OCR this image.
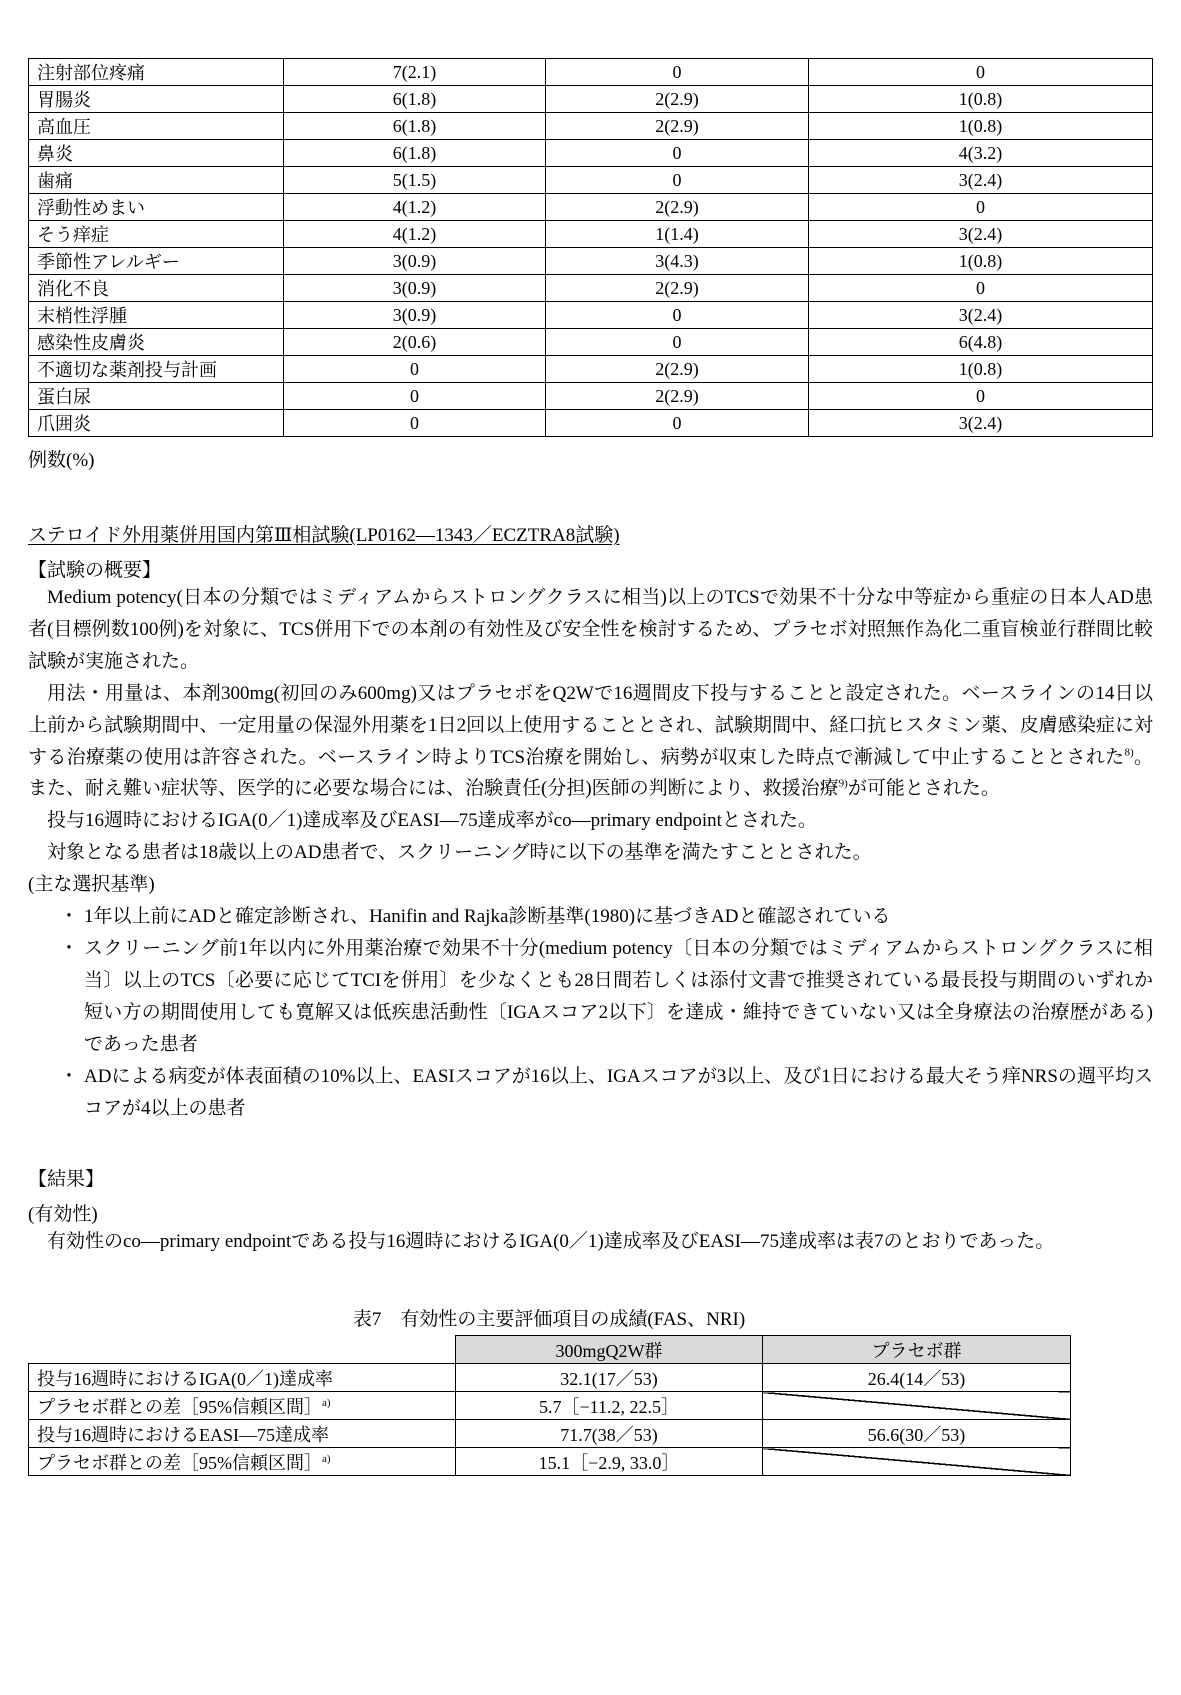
注射部位疼痛	7(2.1)	0	0
胃腸炎	6(1.8)	2(2.9)	1(0.8)
高血圧	6(1.8)	2(2.9)	1(0.8)
鼻炎	6(1.8)	0	4(3.2)
歯痛	5(1.5)	0	3(2.4)
浮動性めまい	4(1.2)	2(2.9)	0
そう痒症	4(1.2)	1(1.4)	3(2.4)
季節性アレルギー	3(0.9)	3(4.3)	1(0.8)
消化不良	3(0.9)	2(2.9)	0
末梢性浮腫	3(0.9)	0	3(2.4)
感染性皮膚炎	2(0.6)	0	6(4.8)
不適切な薬剤投与計画	0	2(2.9)	1(0.8)
蛋白尿	0	2(2.9)	0
爪囲炎	0	0	3(2.4)

例数(%)

ステロイド外用薬併用国内第Ⅲ相試験(LP0162—1343／ECZTRA8試験)

【試験の概要】

Medium potency(日本の分類ではミディアムからストロングクラスに相当)以上のTCSで効果不十分な中等症から重症の日本人AD患者(目標例数100例)を対象に、TCS併用下での本剤の有効性及び安全性を検討するため、プラセボ対照無作為化二重盲検並行群間比較試験が実施された。

用法・用量は、本剤300mg(初回のみ600mg)又はプラセボをQ2Wで16週間皮下投与することと設定された。ベースラインの14日以上前から試験期間中、一定用量の保湿外用薬を1日2回以上使用することとされ、試験期間中、経口抗ヒスタミン薬、皮膚感染症に対する治療薬の使用は許容された。ベースライン時よりTCS治療を開始し、病勢が収束した時点で漸減して中止することとされた$^{8)}$。また、耐え難い症状等、医学的に必要な場合には、治験責任(分担)医師の判断により、救援治療$^{9)}$が可能とされた。

投与16週時におけるIGA(0／1)達成率及びEASI—75達成率がco—primary endpointとされた。

対象となる患者は18歳以上のAD患者で、スクリーニング時に以下の基準を満たすこととされた。

(主な選択基準)

・ 1年以上前にADと確定診断され、Hanifin and Rajka診断基準(1980)に基づきADと確認されている
・ スクリーニング前1年以内に外用薬治療で効果不十分(medium potency〔日本の分類ではミディアムからストロングクラスに相当〕以上のTCS〔必要に応じてTCIを併用〕を少なくとも28日間若しくは添付文書で推奨されている最長投与期間のいずれか短い方の期間使用しても寛解又は低疾患活動性〔IGAスコア2以下〕を達成・維持できていない又は全身療法の治療歴がある)であった患者
・ ADによる病変が体表面積の10%以上、EASIスコアが16以上、IGAスコアが3以上、及び1日における最大そう痒NRSの週平均スコアが4以上の患者

【結果】

(有効性)

有効性のco—primary endpointである投与16週時におけるIGA(0／1)達成率及びEASI—75達成率は表7のとおりであった。

表7　有効性の主要評価項目の成績(FAS、NRI)

	300mgQ2W群	プラセボ群
投与16週時におけるIGA(0／1)達成率	32.1(17／53)	26.4(14／53)
プラセボ群との差［95%信頼区間］$^{a)}$	5.7［−11.2, 22.5］	
投与16週時におけるEASI—75達成率	71.7(38／53)	56.6(30／53)
プラセボ群との差［95%信頼区間］$^{a)}$	15.1［−2.9, 33.0］	
